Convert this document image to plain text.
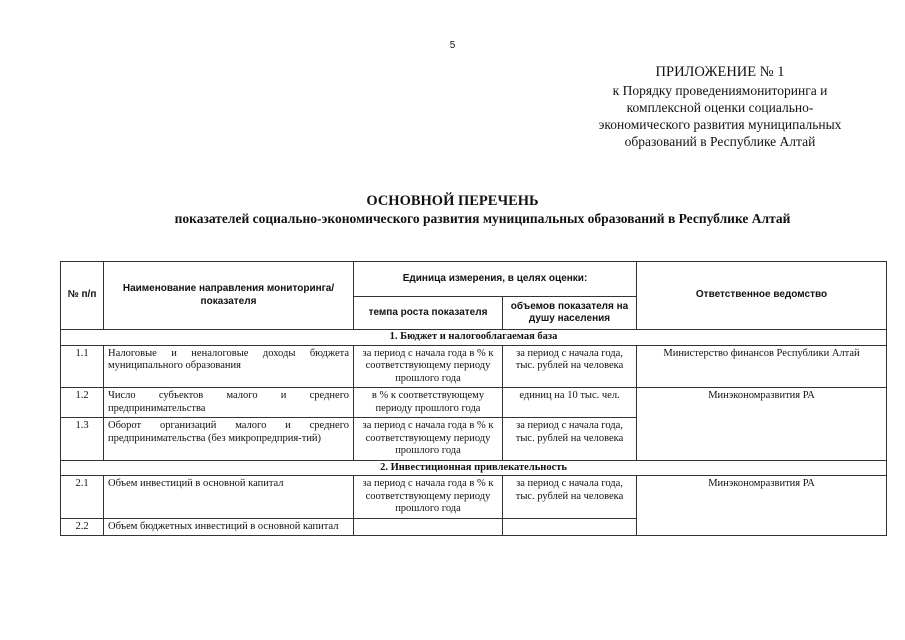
5
ПРИЛОЖЕНИЕ № 1
к Порядку проведениямониторинга и
комплексной оценки социально-
экономического развития муниципальных
образований в Республике Алтай
ОСНОВНОЙ ПЕРЕЧЕНЬ
показателей социально-экономического развития муниципальных образований в Республике Алтай
№ п/п	Наименование направления мониторинга/показателя	Единица измерения, в целях оценки:		Ответственное ведомство
		темпа роста показателя	объемов показателя на душу населения	
1. Бюджет и налогооблагаемая база				
1.1	Налоговые и неналоговые доходы бюджета муниципального образования	за период с начала года в % к соответствующему периоду прошлого года	за период с начала года, тыс. рублей на человека	Министерство финансов Республики Алтай
1.2	Число субъектов малого и среднего предпринимательства	в % к соответствующему периоду прошлого года	единиц на 10 тыс. чел.	Минэкономразвития РА
1.3	Оборот организаций малого и среднего предпринимательства (без микропредприя-тий)	за период с начала года в % к соответствующему периоду прошлого года	за период с начала года, тыс. рублей на человека	
2. Инвестиционная привлекательность				
2.1	Объем инвестиций в основной капитал	за период с начала года в % к соответствующему периоду прошлого года	за период с начала года, тыс. рублей на человека	Минэкономразвития РА
2.2	Объем бюджетных инвестиций в основной капитал			
